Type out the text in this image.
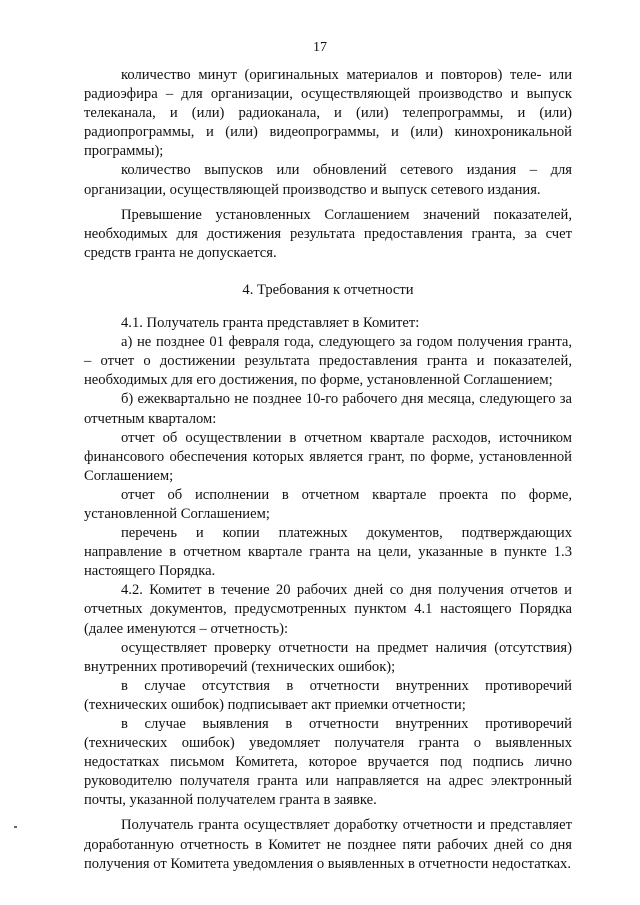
17

количество минут (оригинальных материалов и повторов) теле- или радиоэфира – для организации, осуществляющей производство и выпуск телеканала, и (или) радиоканала, и (или) телепрограммы, и (или) радиопрограммы, и (или) видеопрограммы, и (или) кинохроникальной программы);

количество выпусков или обновлений сетевого издания – для организации, осуществляющей производство и выпуск сетевого издания.

Превышение установленных Соглашением значений показателей, необходимых для достижения результата предоставления гранта, за счет средств гранта не допускается.

4. Требования к отчетности

4.1. Получатель гранта представляет в Комитет:

а) не позднее 01 февраля года, следующего за годом получения гранта, – отчет о достижении результата предоставления гранта и показателей, необходимых для его достижения, по форме, установленной Соглашением;

б) ежеквартально не позднее 10-го рабочего дня месяца, следующего за отчетным кварталом:

отчет об осуществлении в отчетном квартале расходов, источником финансового обеспечения которых является грант, по форме, установленной Соглашением;

отчет об исполнении в отчетном квартале проекта по форме, установленной Соглашением;

перечень и копии платежных документов, подтверждающих направление в отчетном квартале гранта на цели, указанные в пункте 1.3 настоящего Порядка.

4.2. Комитет в течение 20 рабочих дней со дня получения отчетов и отчетных документов, предусмотренных пунктом 4.1 настоящего Порядка (далее именуются – отчетность):

осуществляет проверку отчетности на предмет наличия (отсутствия) внутренних противоречий (технических ошибок);

в случае отсутствия в отчетности внутренних противоречий (технических ошибок) подписывает акт приемки отчетности;

в случае выявления в отчетности внутренних противоречий (технических ошибок) уведомляет получателя гранта о выявленных недостатках письмом Комитета, которое вручается под подпись лично руководителю получателя гранта или направляется на адрес электронный почты, указанной получателем гранта в заявке.

Получатель гранта осуществляет доработку отчетности и представляет доработанную отчетность в Комитет не позднее пяти рабочих дней со дня получения от Комитета уведомления о выявленных в отчетности недостатках.
